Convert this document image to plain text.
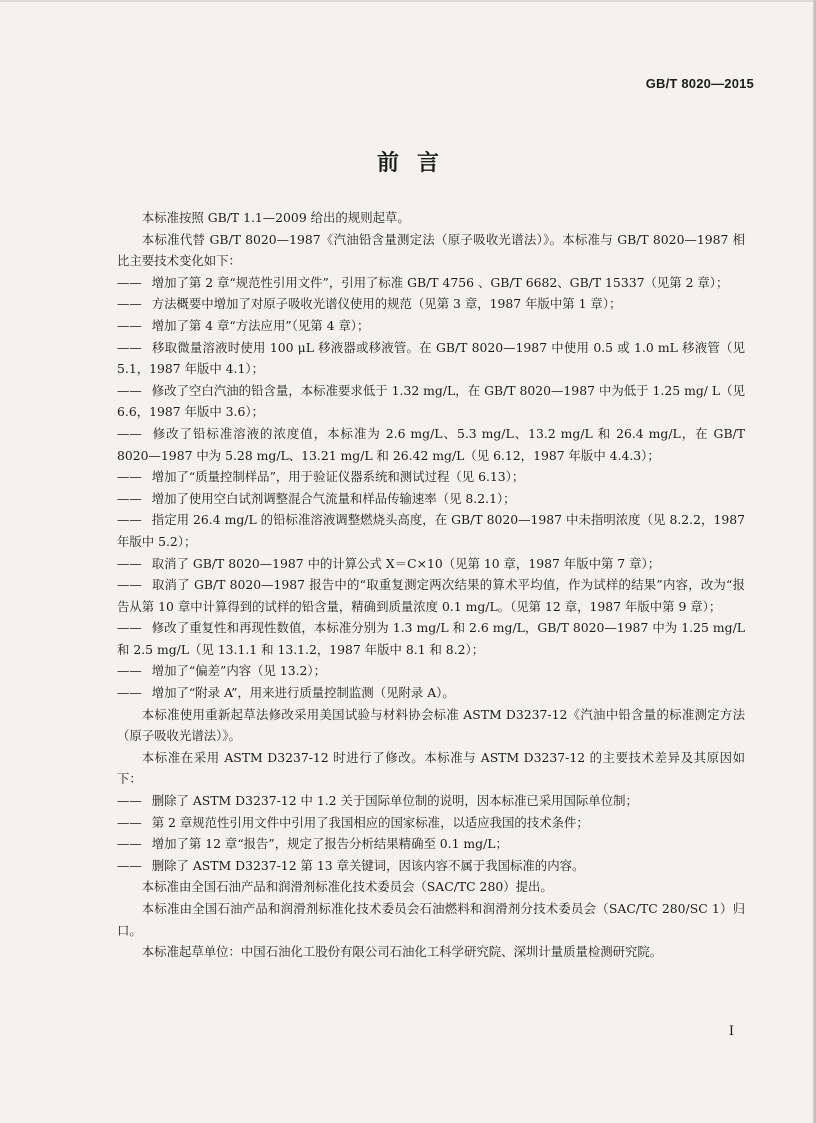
GB/T 8020—2015
前言

本标准按照 GB/T 1.1—2009 给出的规则起草。

本标准代替 GB/T 8020—1987《汽油铅含量测定法（原子吸收光谱法）》。本标准与 GB/T 8020—1987 相比主要技术变化如下：

—— 增加了第 2 章“规范性引用文件”，引用了标准 GB/T 4756 、GB/T 6682、GB/T 15337（见第 2 章）；

—— 方法概要中增加了对原子吸收光谱仪使用的规范（见第 3 章，1987 年版中第 1 章）；

—— 增加了第 4 章“方法应用”（见第 4 章）；

—— 移取微量溶液时使用 100 μL 移液器或移液管。在 GB/T 8020—1987 中使用 0.5 或 1.0 mL 移液管（见 5.1，1987 年版中 4.1）；

—— 修改了空白汽油的铅含量，本标准要求低于 1.32 mg/L，在 GB/T 8020—1987 中为低于 1.25 mg/ L（见 6.6，1987 年版中 3.6）；

—— 修改了铅标准溶液的浓度值，本标准为 2.6 mg/L、5.3 mg/L、13.2 mg/L 和 26.4 mg/L，在 GB/T 8020—1987 中为 5.28 mg/L、13.21 mg/L 和 26.42 mg/L（见 6.12，1987 年版中 4.4.3）；

—— 增加了“质量控制样品”，用于验证仪器系统和测试过程（见 6.13）；

—— 增加了使用空白试剂调整混合气流量和样品传输速率（见 8.2.1）；

—— 指定用 26.4 mg/L 的铅标准溶液调整燃烧头高度，在 GB/T 8020—1987 中未指明浓度（见 8.2.2，1987 年版中 5.2）；

—— 取消了 GB/T 8020—1987 中的计算公式 X＝C×10（见第 10 章，1987 年版中第 7 章）；

—— 取消了 GB/T 8020—1987 报告中的“取重复测定两次结果的算术平均值，作为试样的结果”内容，改为“报告从第 10 章中计算得到的试样的铅含量，精确到质量浓度 0.1 mg/L。（见第 12 章，1987 年版中第 9 章）；

—— 修改了重复性和再现性数值，本标准分别为 1.3 mg/L 和 2.6 mg/L，GB/T 8020—1987 中为 1.25 mg/L和 2.5 mg/L（见 13.1.1 和 13.1.2，1987 年版中 8.1 和 8.2）；

—— 增加了“偏差”内容（见 13.2）；

—— 增加了“附录 A”，用来进行质量控制监测（见附录 A）。

本标准使用重新起草法修改采用美国试验与材料协会标准 ASTM D3237-12《汽油中铅含量的标准测定方法（原子吸收光谱法）》。

本标准在采用 ASTM D3237-12 时进行了修改。本标准与 ASTM D3237-12 的主要技术差异及其原因如下：

—— 删除了 ASTM D3237-12 中 1.2 关于国际单位制的说明，因本标准已采用国际单位制；

—— 第 2 章规范性引用文件中引用了我国相应的国家标准，以适应我国的技术条件；

—— 增加了第 12 章“报告”，规定了报告分析结果精确至 0.1 mg/L；

—— 删除了 ASTM D3237-12 第 13 章关键词，因该内容不属于我国标准的内容。

本标准由全国石油产品和润滑剂标准化技术委员会（SAC/TC 280）提出。

本标准由全国石油产品和润滑剂标准化技术委员会石油燃料和润滑剂分技术委员会（SAC/TC 280/SC 1）归口。

本标准起草单位：中国石油化工股份有限公司石油化工科学研究院、深圳计量质量检测研究院。

I
